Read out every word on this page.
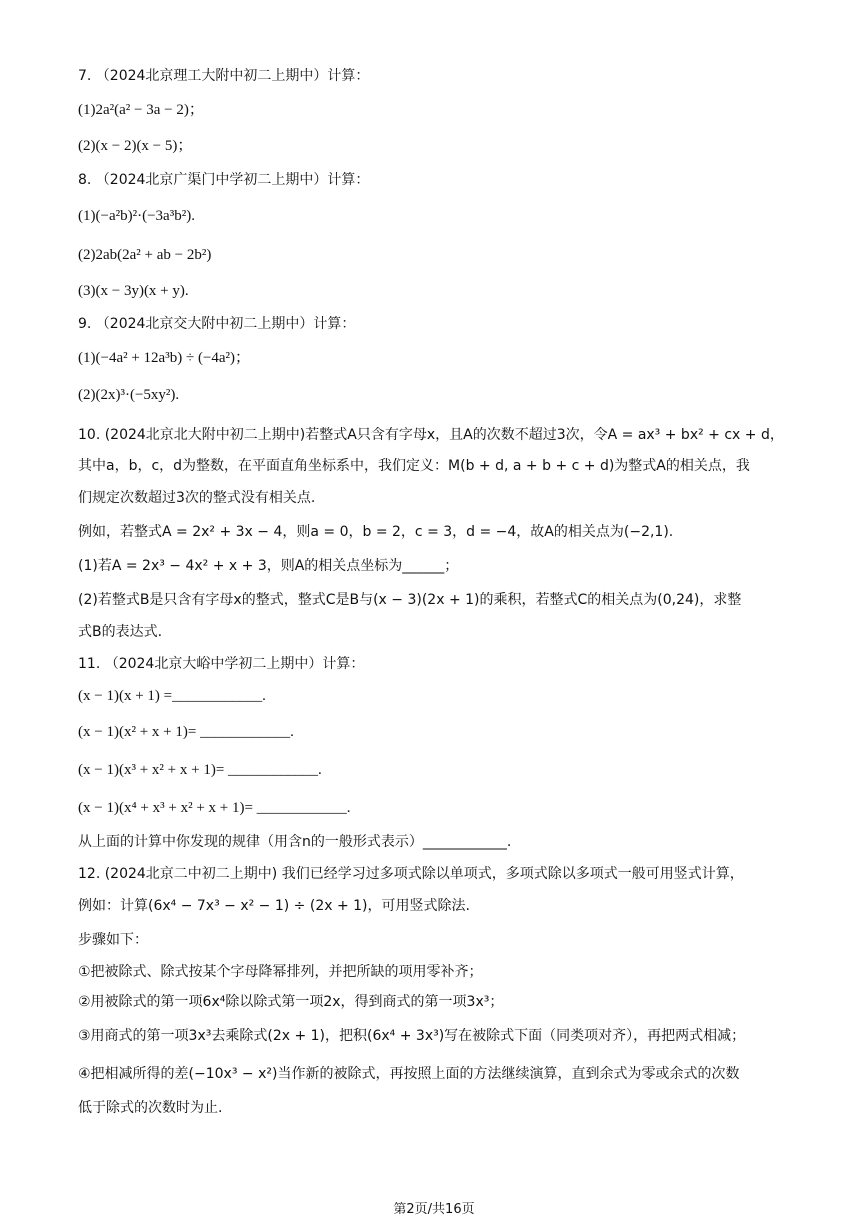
7. （2024北京理工大附中初二上期中）计算：
(1)2a²(a² − 3a − 2)；
(2)(x − 2)(x − 5)；
8. （2024北京广渠门中学初二上期中）计算：
(1)(−a²b)²·(−3a³b²).
(2)2ab(2a² + ab − 2b²)
(3)(x − 3y)(x + y).
9. （2024北京交大附中初二上期中）计算：
(1)(−4a² + 12a³b) ÷ (−4a²)；
(2)(2x)³·(−5xy²).
10. (2024北京北大附中初二上期中)若整式A只含有字母x，且A的次数不超过3次，令A = ax³ + bx² + cx + d，
其中a，b，c，d为整数，在平面直角坐标系中，我们定义：M(b + d, a + b + c + d)为整式A的相关点，我
们规定次数超过3次的整式没有相关点.
例如，若整式A = 2x² + 3x − 4，则a = 0，b = 2，c = 3，d = −4，故A的相关点为(−2,1).
(1)若A = 2x³ − 4x² + x + 3，则A的相关点坐标为______；
(2)若整式B是只含有字母x的整式，整式C是B与(x − 3)(2x + 1)的乘积，若整式C的相关点为(0,24)，求整
式B的表达式.
11. （2024北京大峪中学初二上期中）计算：
(x − 1)(x + 1) =____________.
(x − 1)(x² + x + 1)= ____________.
(x − 1)(x³ + x² + x + 1)= ____________.
(x − 1)(x⁴ + x³ + x² + x + 1)= ____________.
从上面的计算中你发现的规律（用含n的一般形式表示）____________.
12. (2024北京二中初二上期中) 我们已经学习过多项式除以单项式，多项式除以多项式一般可用竖式计算，
例如：计算(6x⁴ − 7x³ − x² − 1) ÷ (2x + 1)，可用竖式除法.
步骤如下：
①把被除式、除式按某个字母降幂排列，并把所缺的项用零补齐；
②用被除式的第一项6x⁴除以除式第一项2x，得到商式的第一项3x³；
③用商式的第一项3x³去乘除式(2x + 1)，把积(6x⁴ + 3x³)写在被除式下面（同类项对齐），再把两式相减；
④把相减所得的差(−10x³ − x²)当作新的被除式，再按照上面的方法继续演算，直到余式为零或余式的次数
低于除式的次数时为止.
第2页/共16页
